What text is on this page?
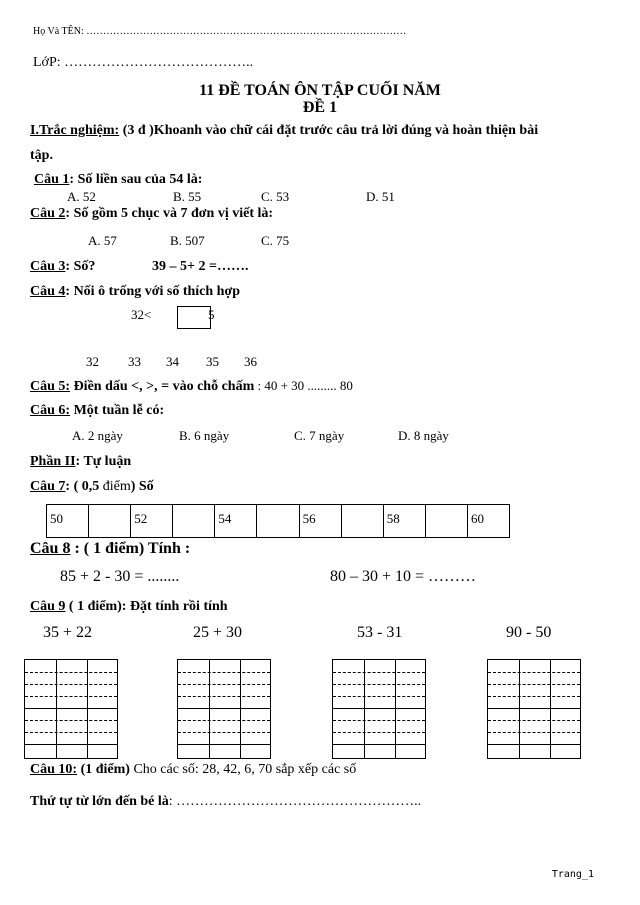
Họ Và TÊN: ……………………………………………………………………………………
LớP: …………………………………..
11 ĐỀ TOÁN ÔN TẬP CUỐI NĂM
ĐỀ 1
I.Trắc nghiệm: (3 đ )Khoanh vào chữ cái đặt trước câu trả lời đúng và hoàn thiện bài
tập.
Câu 1: Số liền sau của 54 là:
A. 52	B. 55	C. 53	D. 51
Câu 2: Số gồm 5 chục và 7 đơn vị viết là:
A. 57	B. 507	C. 75
Câu 3: Số?	39 – 5+ 2 =…….
Câu 4: Nối ô trống với số thích hợp
32<	5
32 33 34 35 36
Câu 5: Điền dấu <, >, = vào chỗ chấm : 40 + 30 ......... 80
Câu 6: Một tuần lễ có:
A. 2 ngày	B. 6 ngày	C. 7 ngày	D. 8 ngày
Phần II: Tự luận
Câu 7: ( 0,5 điểm) Số
50	52	54	56	58	60
Câu 8 : ( 1 điểm) Tính :
85 + 2 - 30 = ........	80 – 30 + 10 = ………
Câu 9 ( 1 điểm): Đặt tính rồi tính
35 + 22	25 + 30	53 - 31	90 - 50
Câu 10: (1 điểm) Cho các số: 28, 42, 6, 70 sắp xếp các số
Thứ tự từ lớn đến bé là: ……………………………………………..
Trang_1
